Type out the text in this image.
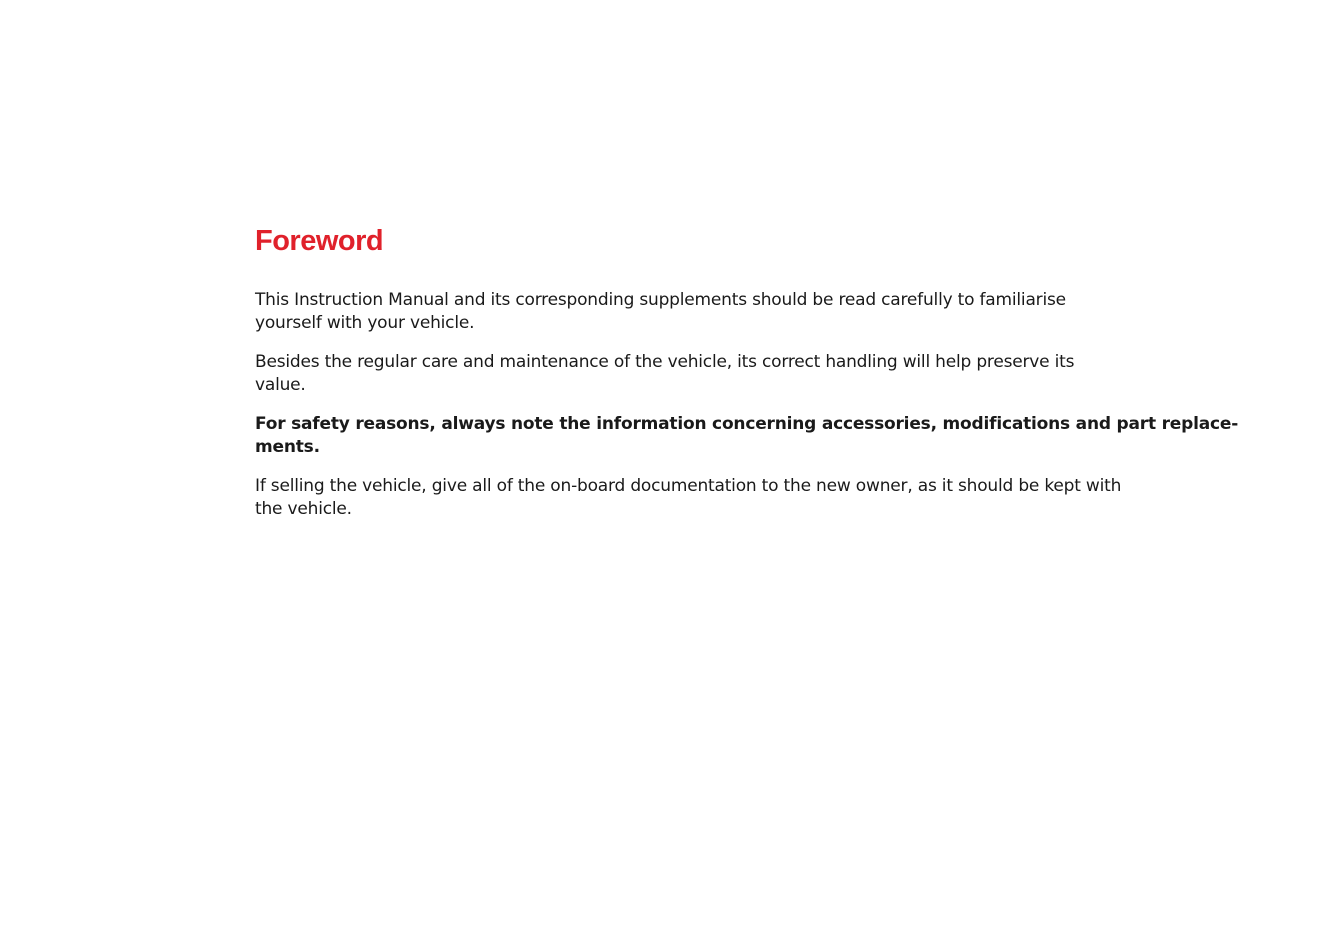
Foreword

This Instruction Manual and its corresponding supplements should be read carefully to familiarise yourself with your vehicle.

Besides the regular care and maintenance of the vehicle, its correct handling will help preserve its value.

For safety reasons, always note the information concerning accessories, modifications and part replace-
ments.

If selling the vehicle, give all of the on-board documentation to the new owner, as it should be kept with the vehicle.
